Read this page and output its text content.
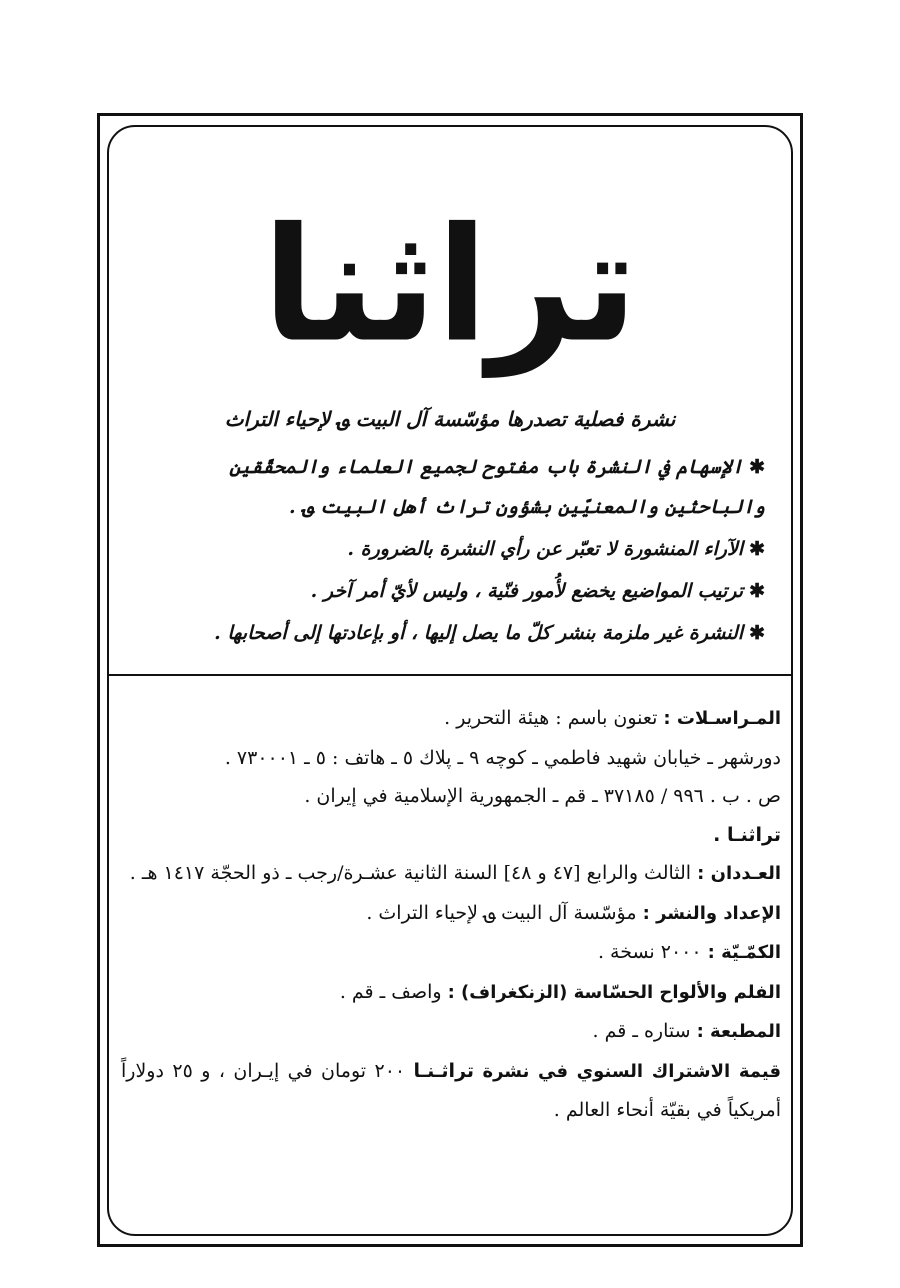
تراثنا
نشرة فصلية تصدرها مؤسّسة آل البيت ؈ لإحياء التراث
✱الإسهام في النشرة باب مفتوح لجميع العلماء والمحقّقين والباحثين والمعنيّين بشؤون تراث أهل البيت ؈ .
✱الآراء المنشورة لا تعبّر عن رأي النشرة بالضرورة .
✱ترتيب المواضيع يخضع لأُمور فنّية ، وليس لأيّ أمر آخر .
✱النشرة غير ملزمة بنشر كلّ ما يصل إليها ، أو بإعادتها إلى أصحابها .
المـراسـلات : تعنون باسم : هيئة التحرير .
دورشهر ـ خيابان شهيد فاطمي ـ كوچه ٩ ـ پلاك ٥ ـ هاتف : ٥ ـ ٧٣٠٠٠١ .
ص . ب . ٩٩٦ / ٣٧١٨٥ ـ قم ـ الجمهورية الإسلامية في إيران .
تراثنـا .
العـددان : الثالث والرابع [٤٧ و ٤٨] السنة الثانية عشـرة/رجب ـ ذو الحجّة ١٤١٧ هـ .
الإعداد والنشر : مؤسّسة آل البيت ؈ لإحياء التراث .
الكمّـيّة : ٢٠٠٠ نسخة .
الفلم والألواح الحسّاسة (الزنكغراف) : واصف ـ قم .
المطبعة : ستاره ـ قم .
قيمة الاشتراك السنوي في نشرة تراثـنـا ٢٠٠ تومان في إيـران ، و ٢٥ دولاراً أمريكياً في بقيّة أنحاء العالم .
